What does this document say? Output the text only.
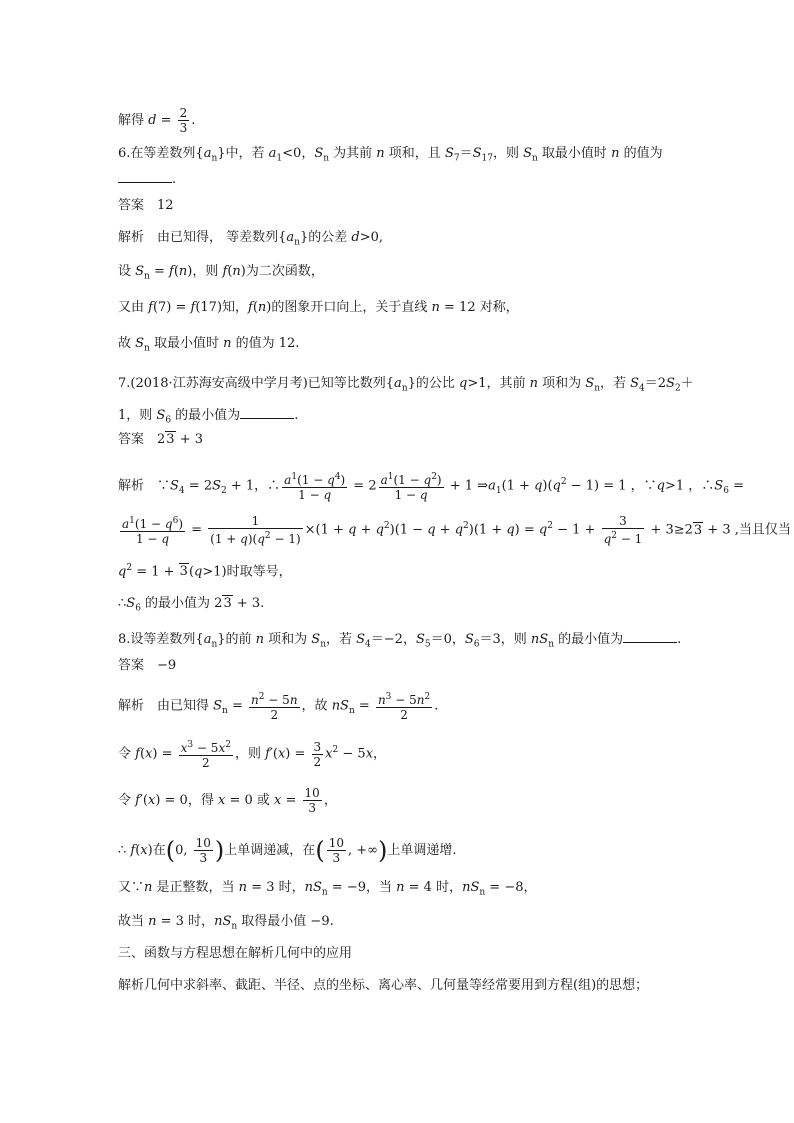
解得 $d = \frac{2}{3}$ .
6.在等差数列$\{a_n\}$中，若 $a_1<0$，$S_n$ 为其前 n 项和，且 $S_7=S_{17}$，则 $S_n$ 取最小值时 n 的值为
.
答案　12
解析　由已知得， 等差数列$\{a_n\}$的公差 d>0,
设 $S_n = f(n)$，则 f(n)为二次函数，
又由 f(7) = f(17)知，f(n)的图象开口向上，关于直线 n = 12 对称，
故 $S_n$ 取最小值时 n 的值为 12.
7.(2018·江苏海安高级中学月考)已知等比数列$\{a_n\}$的公比 q>1，其前 n 项和为 $S_n$，若 $S_4=2S_2+$
1，则 $S_6$ 的最小值为	.
答案　23 + 3
解析　$\because S_4 = 2S_2 + 1$，∴ $\frac{a^1(1 - q^4)}{1 - q} = 2 \frac{a^1(1 - q^2)}{1 - q} + 1$ $\Rightarrow a_1(1 + q)(q^2 - 1) = 1$ ，∵q>1 ，$\therefore S_6$ =
$\frac{a^1(1 - q^6)}{1 - q} = \frac{1}{(1 + q)(q^2 - 1)} \times(1 + q + q^2)(1 - q + q^2)(1 + q) = q^2 - 1 + \frac{3}{q^2 - 1} + 3\ge 23 + 3$ ,当且仅当
$q^2 = 1 + 3(q>1)$时取等号，
$\therefore S_6$ 的最小值为 23 + 3.
8.设等差数列$\{a_n\}$的前 n 项和为 $S_n$，若 $S_4=-2$，$S_5=0$，$S_6=3$，则 $nS_n$ 的最小值为	.
答案　−9
解析　由已知得 $S_n = \frac{n^2 - 5n}{2}$ ，故 $nS_n = \frac{n^3 - 5n^2}{2}$ .
令 $f(x) = \frac{x^3 - 5x^2}{2}$ ，则 $f'(x) = \frac{3}{2} x^2 - 5x$，
令 f′(x) = 0，得 x = 0 或 $x = \frac{10}{3}$ ，
∴ f(x)在(0, $\frac{10}{3}$ )上单调递减，在( $\frac{10}{3}$ , +∞)上单调递增.
又∵n 是正整数，当 n = 3 时，$nS_n = -9$，当 n = 4 时，$nS_n = -8$，
故当 n = 3 时，$nS_n$ 取得最小值 −9.
三、函数与方程思想在解析几何中的应用
解析几何中求斜率、截距、半径、点的坐标、离心率、几何量等经常要用到方程(组)的思想；
